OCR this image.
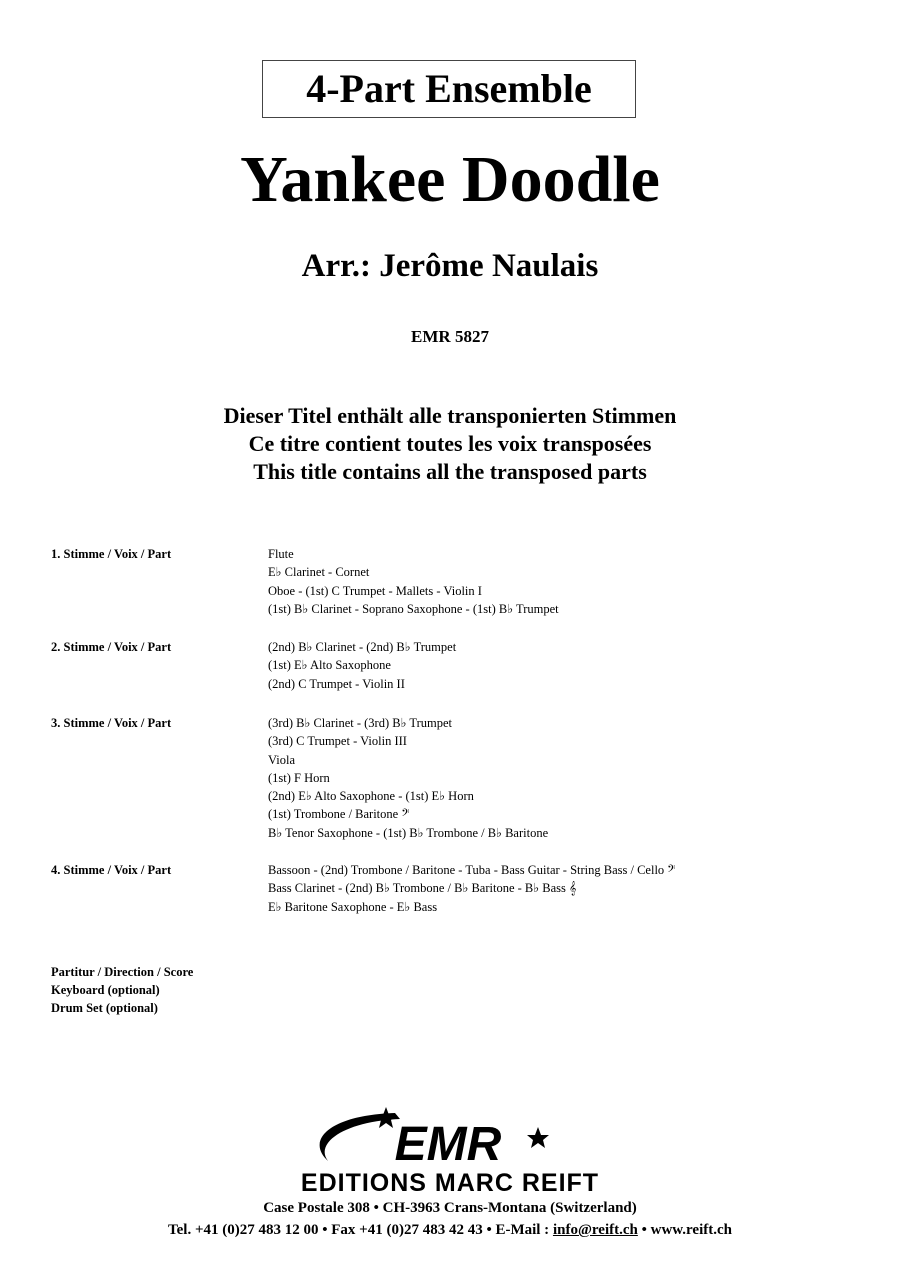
4-Part Ensemble
Yankee Doodle
Arr.: Jerôme Naulais
EMR 5827
Dieser Titel enthält alle transponierten Stimmen
Ce titre contient toutes les voix transposées
This title contains all the transposed parts
1. Stimme / Voix / Part	Flute
E♭ Clarinet - Cornet
Oboe - (1st) C Trumpet - Mallets - Violin I
(1st) B♭ Clarinet - Soprano Saxophone - (1st) B♭ Trumpet
2. Stimme / Voix / Part	(2nd) B♭ Clarinet - (2nd) B♭ Trumpet
(1st) E♭ Alto Saxophone
(2nd) C Trumpet - Violin II
3. Stimme / Voix / Part	(3rd) B♭ Clarinet - (3rd) B♭ Trumpet
(3rd) C Trumpet - Violin III
Viola
(1st) F Horn
(2nd) E♭ Alto Saxophone - (1st) E♭ Horn
(1st) Trombone / Baritone 𝄢
B♭ Tenor Saxophone - (1st) B♭ Trombone / B♭ Baritone
4. Stimme / Voix / Part	Bassoon - (2nd) Trombone / Baritone - Tuba - Bass Guitar - String Bass / Cello 𝄢
Bass Clarinet - (2nd) B♭ Trombone / B♭ Baritone - B♭ Bass 𝄞
E♭ Baritone Saxophone - E♭ Bass
Partitur / Direction / Score
Keyboard (optional)
Drum Set (optional)
EMR
EDITIONS MARC REIFT
Case Postale 308 • CH-3963 Crans-Montana (Switzerland)
Tel. +41 (0)27 483 12 00 • Fax +41 (0)27 483 42 43 • E-Mail : info@reift.ch • www.reift.ch
